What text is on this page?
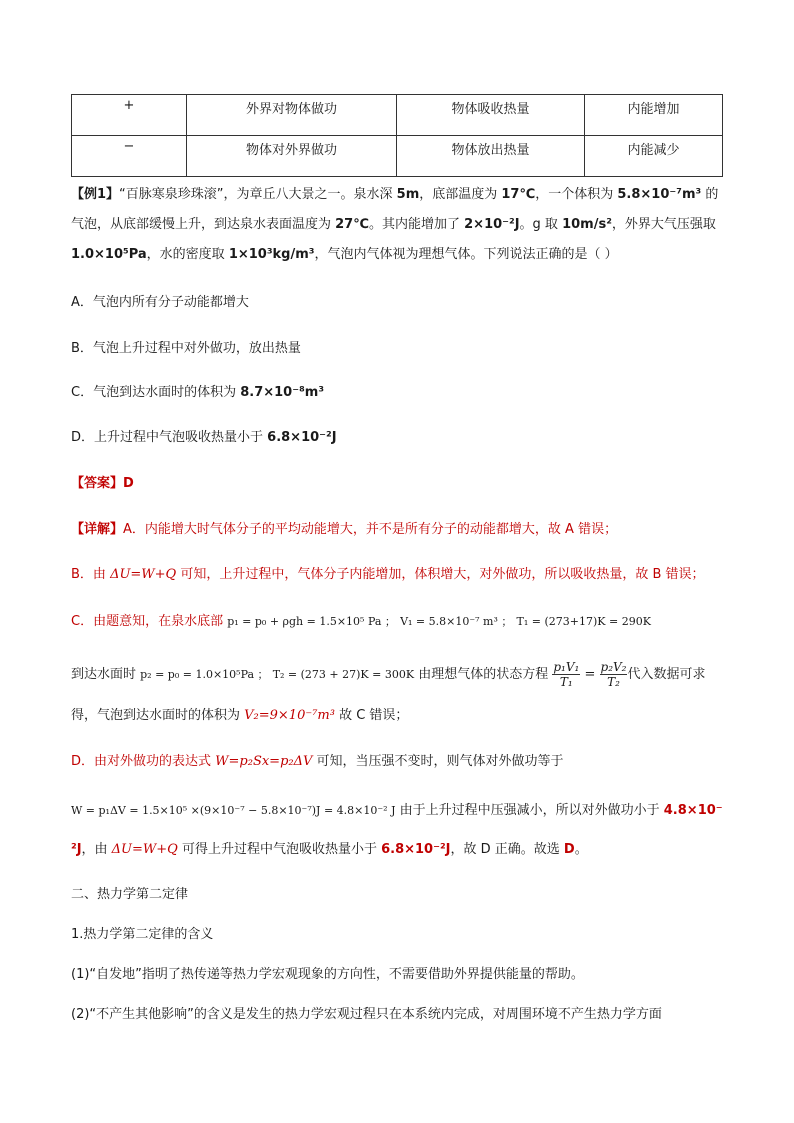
+	外界对物体做功	物体吸收热量	内能增加

−	物体对外界做功	物体放出热量	内能减少
【例1】“百脉寒泉珍珠滚”，为章丘八大景之一。泉水深 5m，底部温度为 17℃，一个体积为 5.8×10⁻⁷m³ 的
气泡，从底部缓慢上升，到达泉水表面温度为 27℃。其内能增加了 2×10⁻²J。g 取 10m/s²，外界大气压强取
1.0×10⁵Pa，水的密度取 1×10³kg/m³，气泡内气体视为理想气体。下列说法正确的是（ ）
A．气泡内所有分子动能都增大
B．气泡上升过程中对外做功，放出热量
C．气泡到达水面时的体积为 8.7×10⁻⁸m³
D．上升过程中气泡吸收热量小于 6.8×10⁻²J
【答案】D
【详解】A．内能增大时气体分子的平均动能增大，并不是所有分子的动能都增大，故 A 错误；
B．由 ΔU=W+Q 可知，上升过程中，气体分子内能增加，体积增大，对外做功，所以吸收热量，故 B 错误；
C．由题意知，在泉水底部 p₁ = p₀ + ρgh = 1.5×10⁵ Pa ； V₁ = 5.8×10⁻⁷ m³ ； T₁ = (273+17)K = 290K
到达水面时 p₂ = p₀ = 1.0×10⁵Pa ； T₂ = (273 + 27)K = 300K 由理想气体的状态方程 $\frac{\text{p₁V₁}}{\text{T₁}} = \frac{\text{p₂V₂}}{\text{T₂}}$ 代入数据可求
得，气泡到达水面时的体积为 V₂=9×10⁻⁷m³ 故 C 错误；
D．由对外做功的表达式 W=p₂Sx=p₂ΔV 可知，当压强不变时，则气体对外做功等于
W = p₁ΔV = 1.5×10⁵ ×(9×10⁻⁷ − 5.8×10⁻⁷)J = 4.8×10⁻² J 由于上升过程中压强减小，所以对外做功小于 4.8×10⁻
²J，由 ΔU=W+Q 可得上升过程中气泡吸收热量小于 6.8×10⁻²J，故 D 正确。故选 D。
二、热力学第二定律
1.热力学第二定律的含义
(1)“自发地”指明了热传递等热力学宏观现象的方向性，不需要借助外界提供能量的帮助。
(2)“不产生其他影响”的含义是发生的热力学宏观过程只在本系统内完成，对周围环境不产生热力学方面
